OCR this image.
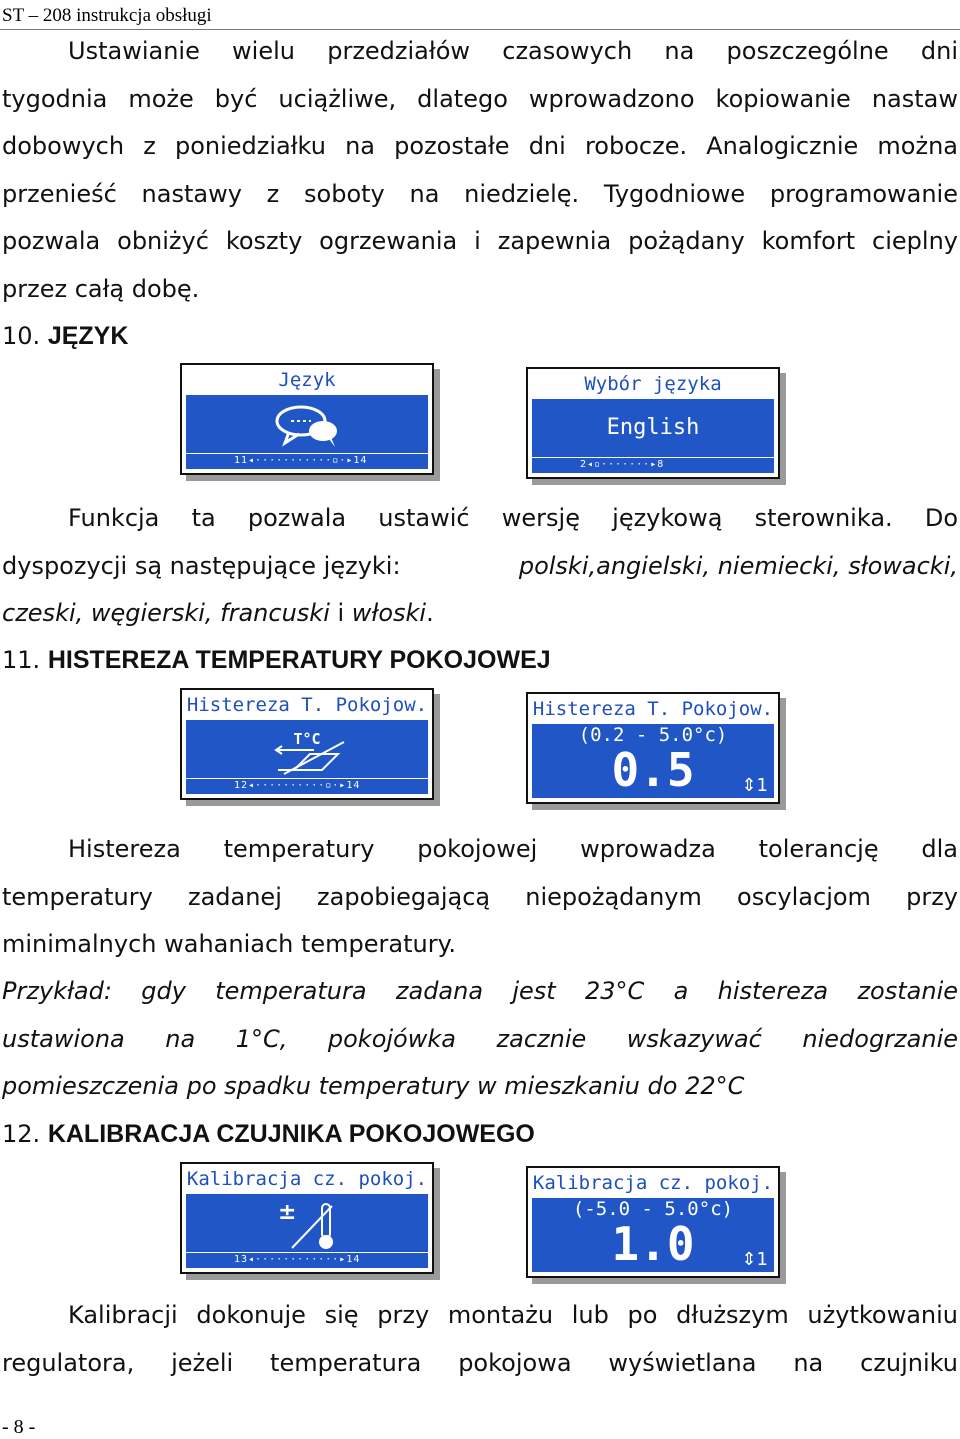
ST – 208 instrukcja obsługi
Ustawianie wielu przedziałów czasowych na poszczególne dni
tygodnia może być uciążliwe, dlatego wprowadzono kopiowanie nastaw
dobowych z poniedziałku na pozostałe dni robocze. Analogicznie można
przenieść nastawy z soboty na niedzielę. Tygodniowe programowanie
pozwala obniżyć koszty ogrzewania i zapewnia pożądany komfort cieplny
przez całą dobę.
10. JĘZYK
Język
11◂···········▫·▸14
Wybór języka
English
2◂▫·······▸8
Funkcja ta pozwala ustawić wersję językową sterownika. Do
dyspozycji są następujące języki:	polski,angielski, niemiecki, słowacki,
czeski, węgierski, francuski i włoski.
11. HISTEREZA TEMPERATURY POKOJOWEJ
Histereza T. Pokojow.
T°C
12◂··········▫·▸14
Histereza T. Pokojow.
(0.2 - 5.0°c)
0.5	⇕1
Histereza temperatury pokojowej wprowadza tolerancję dla
temperatury zadanej zapobiegającą niepożądanym oscylacjom przy
minimalnych wahaniach temperatury.
Przykład: gdy temperatura zadana jest 23°C a histereza zostanie
ustawiona na 1°C, pokojówka zacznie wskazywać niedogrzanie
pomieszczenia po spadku temperatury w mieszkaniu do 22°C
12. KALIBRACJA CZUJNIKA POKOJOWEGO
Kalibracja cz. pokoj.
±
13◂············▸14
Kalibracja cz. pokoj.
(-5.0 - 5.0°c)
1.0	⇕1
Kalibracji dokonuje się przy montażu lub po dłuższym użytkowaniu
regulatora, jeżeli temperatura pokojowa wyświetlana na czujniku
- 8 -
